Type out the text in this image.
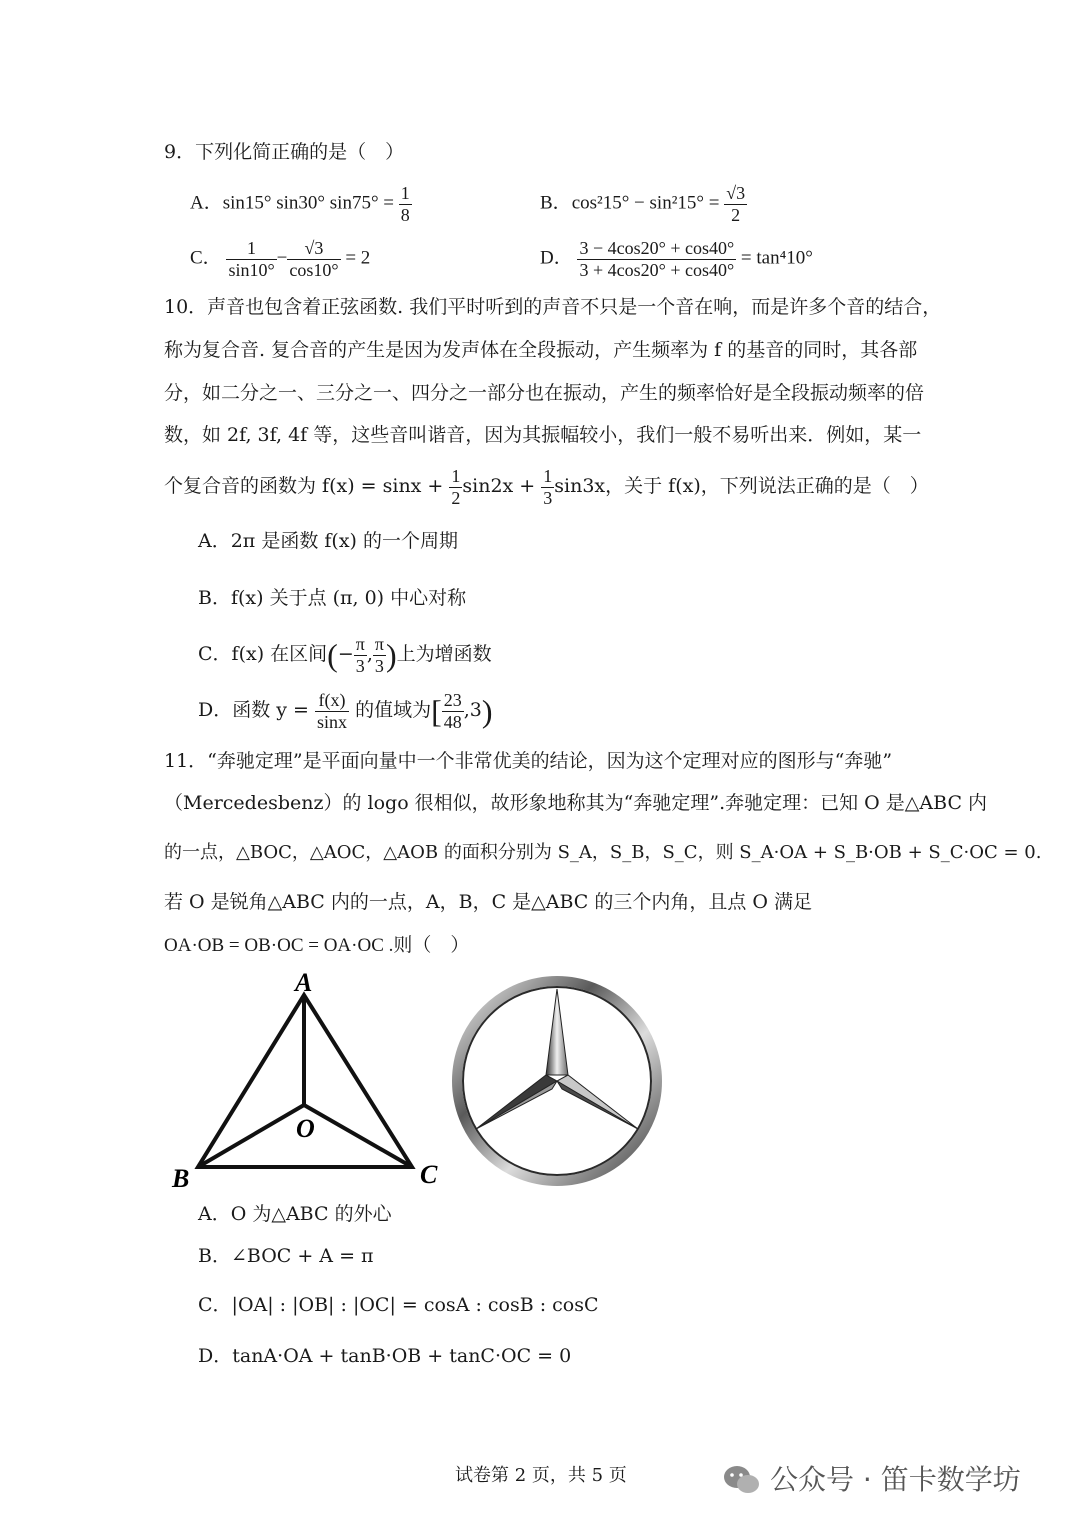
9．下列化简正确的是（　）
A．sin15° sin30° $\sin 75^\circ = \frac{1}{8}$	B．$\cos^215^\circ - \sin^215^\circ = \frac{√3}{2}$
C． $\frac{1}{\sin 10^\circ} - \frac{√3}{\cos 10^\circ} = 2$	D． $\frac{3 - 4\cos 20^\circ + \cos 40^\circ}{3 + 4\cos 20^\circ + \cos 40^\circ} = \tan^410^\circ$
10．声音也包含着正弦函数. 我们平时听到的声音不只是一个音在响，而是许多个音的结合，
称为复合音. 复合音的产生是因为发声体在全段振动，产生频率为 f 的基音的同时，其各部
分，如二分之一、三分之一、四分之一部分也在振动，产生的频率恰好是全段振动频率的倍
数，如 2f, 3f, 4f 等，这些音叫谐音，因为其振幅较小，我们一般不易听出来．例如，某一
个复合音的函数为 $f(x) = \sin x + \frac{1}{2} \sin 2x + \frac{1}{3} \sin 3x$，关于 f(x)，下列说法正确的是（　）
A．2π 是函数 f(x) 的一个周期
B．f(x) 关于点 (π, 0) 中心对称
C．f(x) 在区间(− $\frac{\pi}{3}$ , $\frac{\pi}{3}$ )上为增函数
D．函数 $y = \frac{f(x)}{\sin x}$ 的值域为[ $\frac{23}{48} ,3$)
11．“奔驰定理”是平面向量中一个非常优美的结论，因为这个定理对应的图形与“奔驰”
（Mercedesbenz）的 logo 很相似，故形象地称其为“奔驰定理”.奔驰定理：已知 O 是△ABC 内
的一点，△BOC，△AOC，△AOB 的面积分别为 S_A，S_B，S_C，则 S_A·OA + S_B·OB + S_C·OC = 0.
若 O 是锐角△ABC 内的一点，A，B，C 是△ABC 的三个内角，且点 O 满足
OA·OB = OB·OC = OA·OC .则（　）
A
B	C
O
A．O 为△ABC 的外心
B．∠BOC + A = π
C．|OA| : |OB| : |OC| = cosA : cosB : cosC
D．tanA·OA + tanB·OB + tanC·OC = 0
试卷第 2 页，共 5 页	公众号 · 笛卡数学坊
